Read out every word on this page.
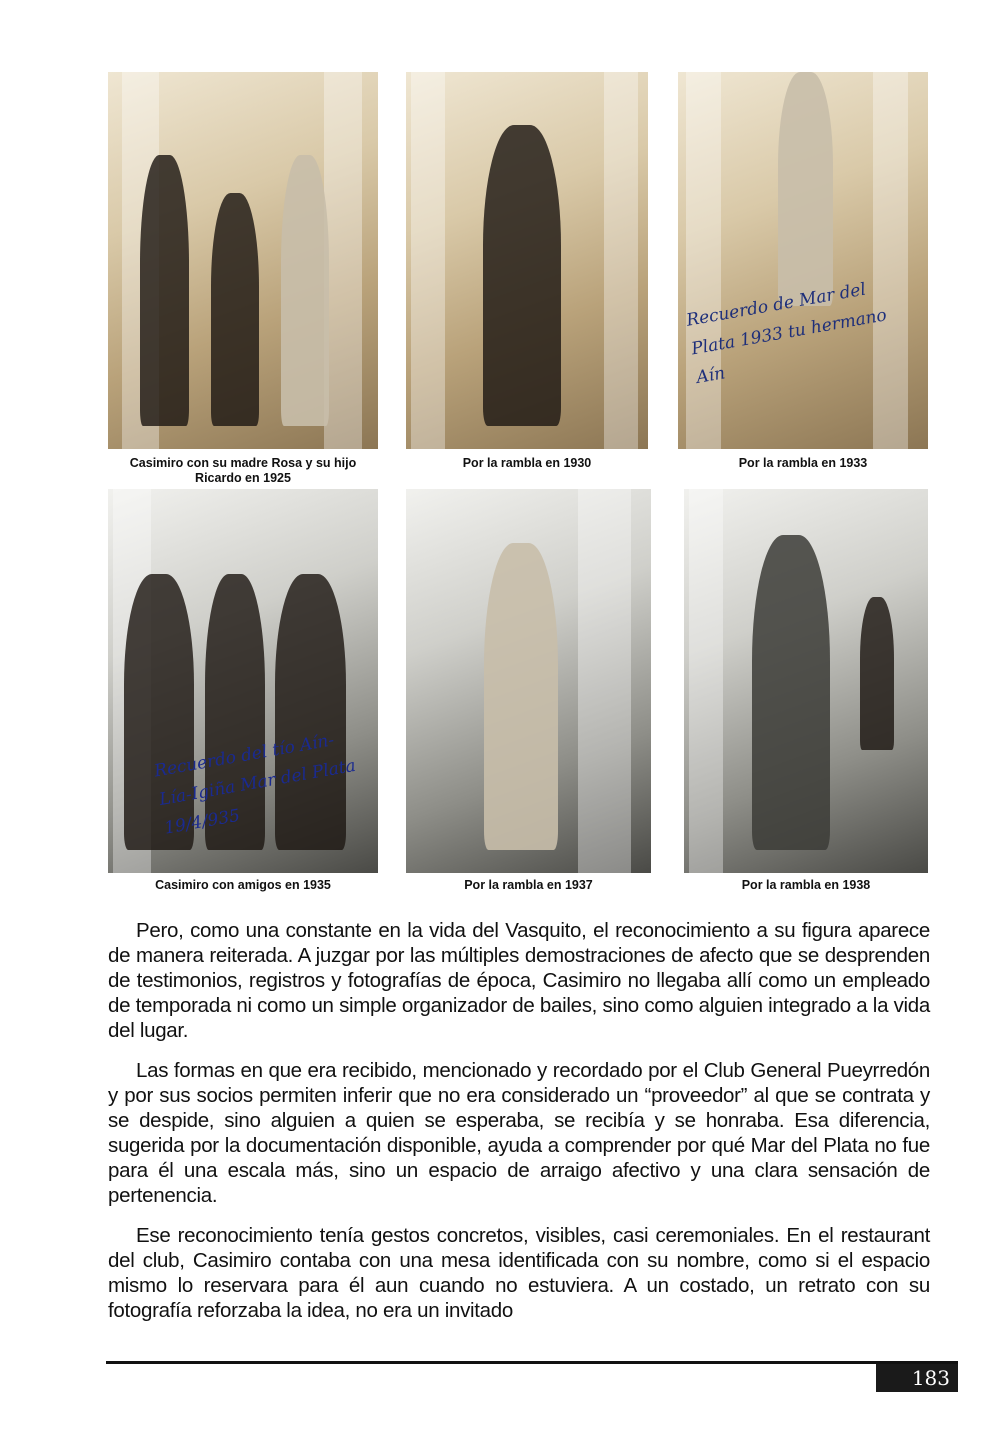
Recuerdo de Mar del Plata 1933 tu hermano Aín
Casimiro con su madre Rosa y su hijo Ricardo en 1925
Por la rambla en 1930	Por la rambla en 1933
Recuerdo del tío Aín-Lía-Igiña Mar del Plata 19/4/935
Casimiro con amigos en 1935	Por la rambla en 1937	Por la rambla en 1938

Pero, como una constante en la vida del Vasquito, el reconocimiento a su figura aparece de manera reiterada. A juzgar por las múltiples demostraciones de afecto que se desprenden de testimonios, registros y fotografías de época, Casimiro no llegaba allí como un empleado de temporada ni como un simple organizador de bailes, sino como alguien integrado a la vida del lugar.

Las formas en que era recibido, mencionado y recordado por el Club General Pueyrredón y por sus socios permiten inferir que no era considerado un “proveedor” al que se contrata y se despide, sino alguien a quien se esperaba, se recibía y se honraba. Esa diferencia, sugerida por la documentación disponible, ayuda a comprender por qué Mar del Plata no fue para él una escala más, sino un espacio de arraigo afectivo y una clara sensación de pertenencia.

Ese reconocimiento tenía gestos concretos, visibles, casi ceremoniales. En el restaurant del club, Casimiro contaba con una mesa identificada con su nombre, como si el espacio mismo lo reservara para él aun cuando no estuviera. A un costado, un retrato con su fotografía reforzaba la idea, no era un invitado

183
